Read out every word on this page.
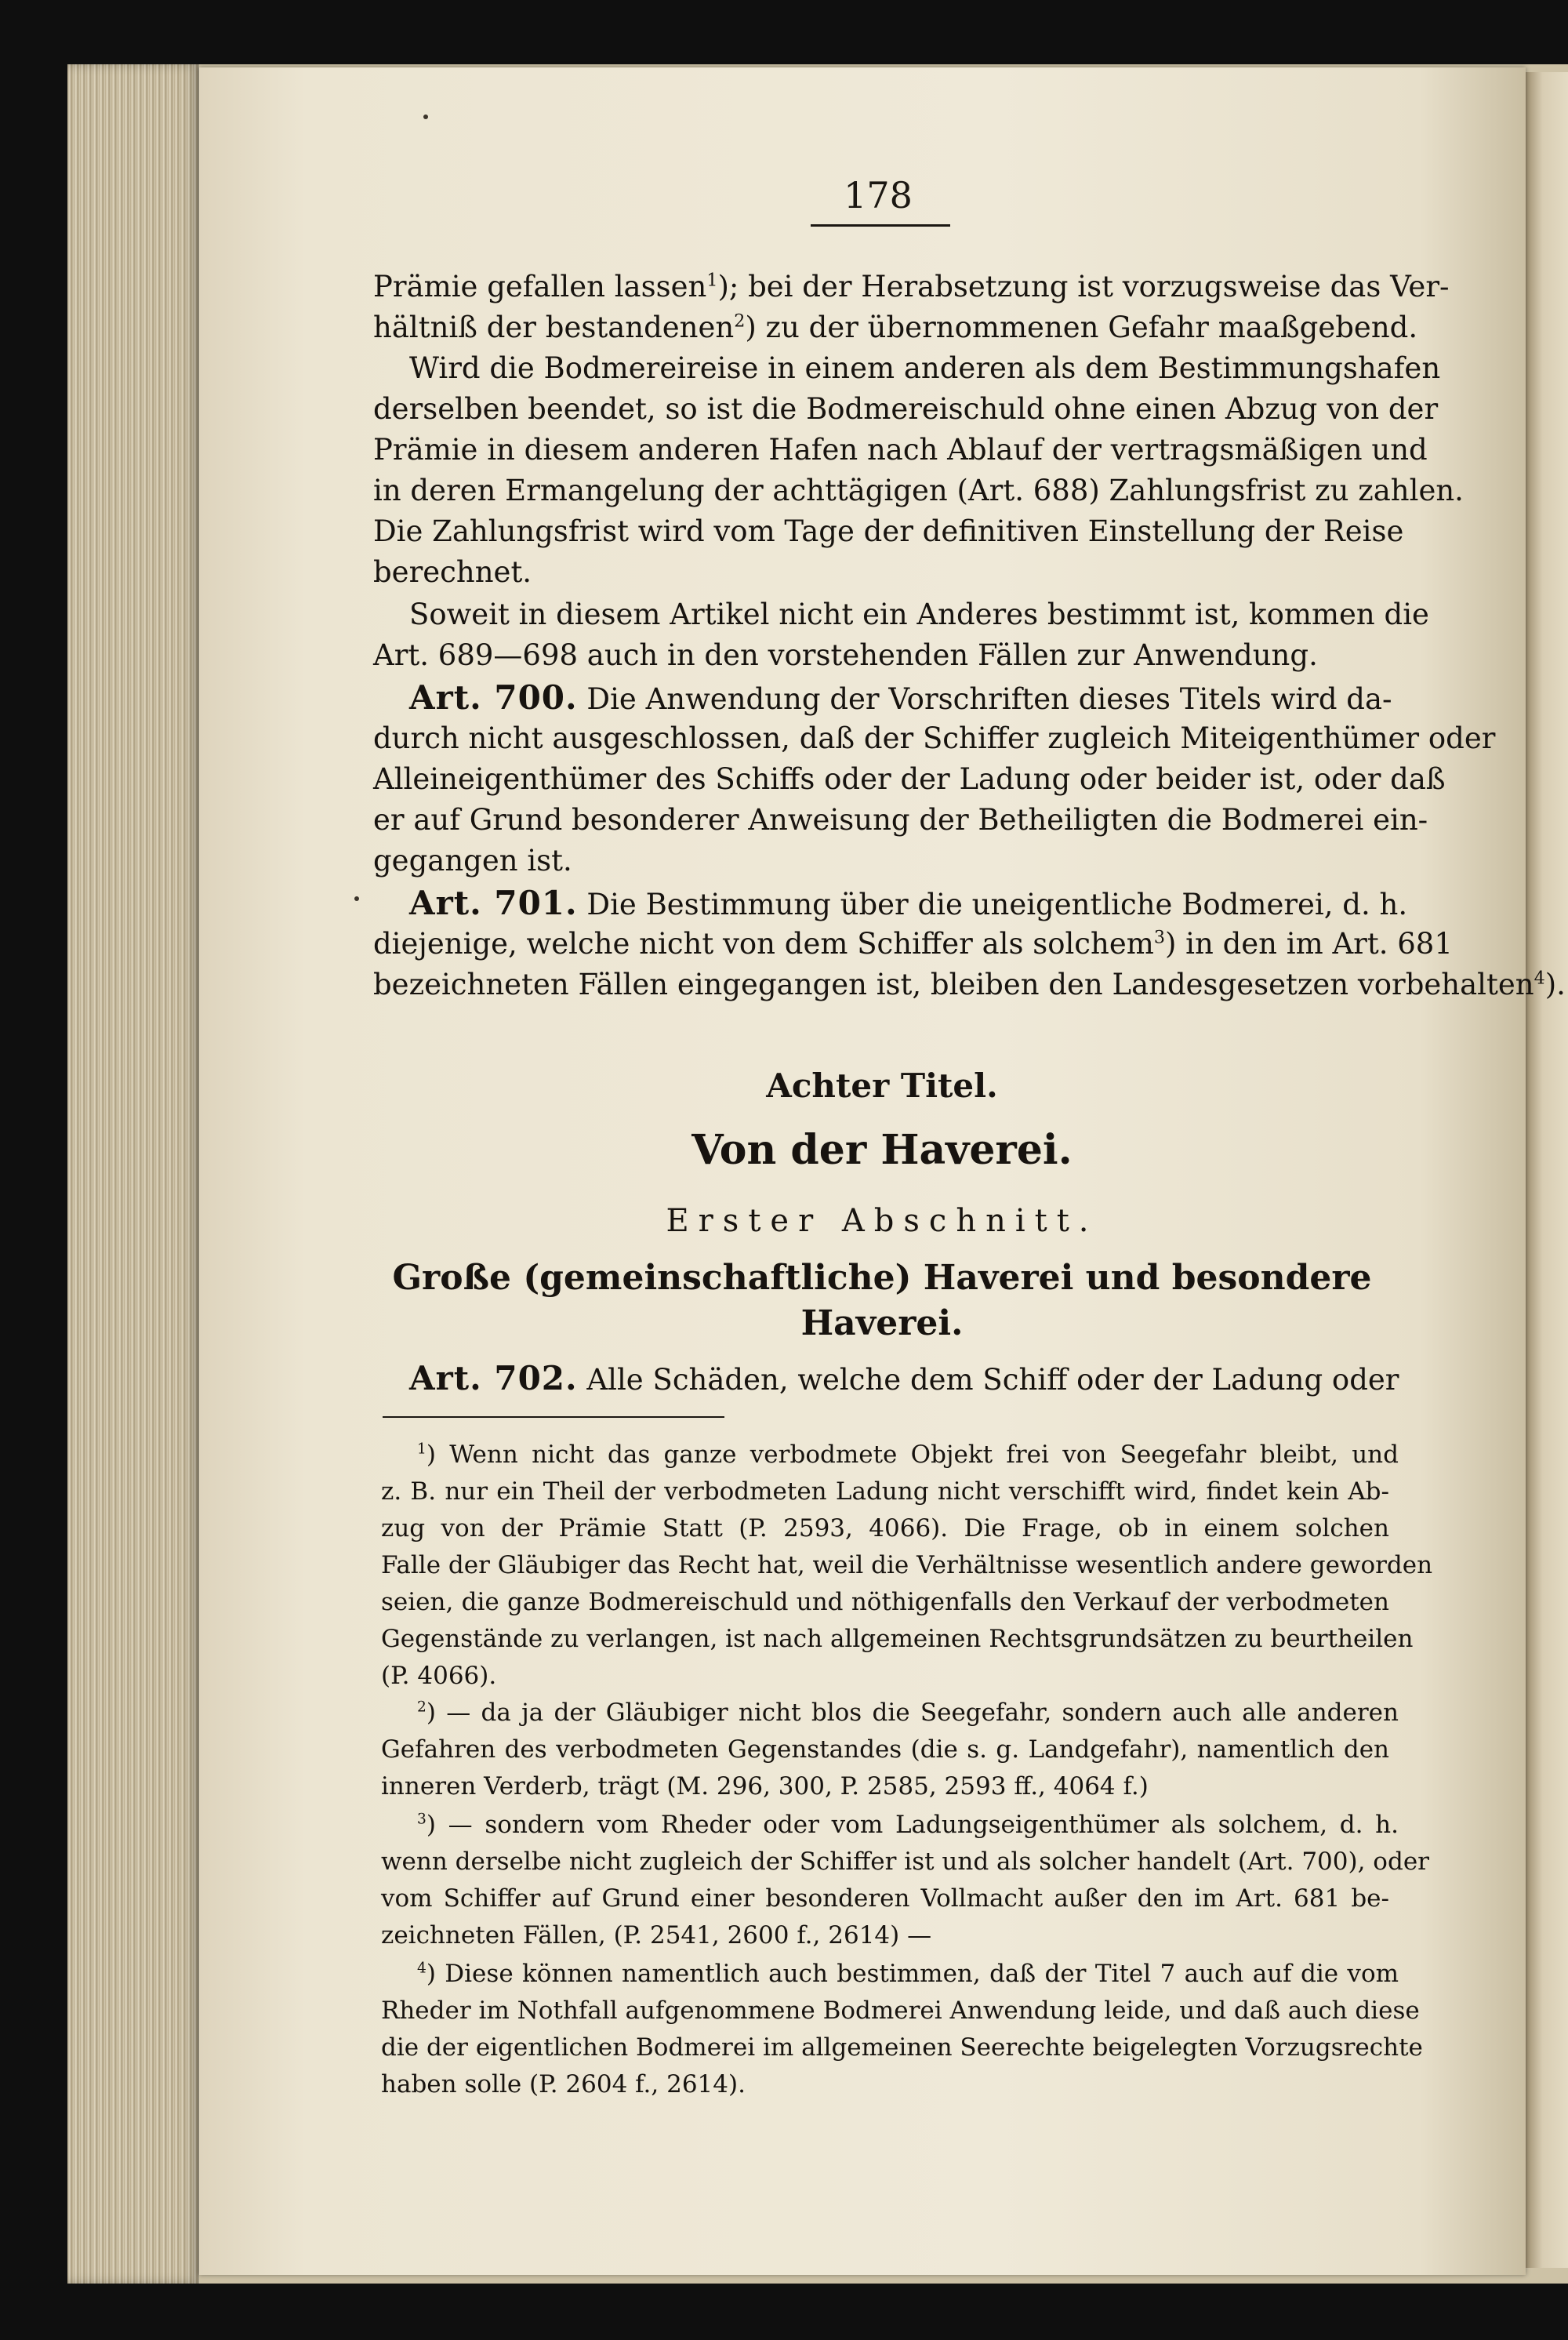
178
Prämie gefallen lassen$^1$); bei der Herabsetzung ist vorzugsweise das Ver-
hältniß der bestandenen$^2$) zu der übernommenen Gefahr maaßgebend.
Wird die Bodmereireise in einem anderen als dem Bestimmungshafen
derselben beendet, so ist die Bodmereischuld ohne einen Abzug von der
Prämie in diesem anderen Hafen nach Ablauf der vertragsmäßigen und
in deren Ermangelung der achttägigen (Art. 688) Zahlungsfrist zu zahlen.
Die Zahlungsfrist wird vom Tage der definitiven Einstellung der Reise
berechnet.
Soweit in diesem Artikel nicht ein Anderes bestimmt ist, kommen die
Art. 689—698 auch in den vorstehenden Fällen zur Anwendung.
Art. 700. Die Anwendung der Vorschriften dieses Titels wird da-
durch nicht ausgeschlossen, daß der Schiffer zugleich Miteigenthümer oder
Alleineigenthümer des Schiffs oder der Ladung oder beider ist, oder daß
er auf Grund besonderer Anweisung der Betheiligten die Bodmerei ein-
gegangen ist.
Art. 701. Die Bestimmung über die uneigentliche Bodmerei, d. h.
diejenige, welche nicht von dem Schiffer als solchem$^3$) in den im Art. 681
bezeichneten Fällen eingegangen ist, bleiben den Landesgesetzen vorbehalten$^4$).
Achter Titel.
Von der Haverei.
Erster Abschnitt.
Große (gemeinschaftliche) Haverei und besondere
Haverei.
Art. 702. Alle Schäden, welche dem Schiff oder der Ladung oder
$^1$) Wenn nicht das ganze verbodmete Objekt frei von Seegefahr bleibt, und
z. B. nur ein Theil der verbodmeten Ladung nicht verschifft wird, findet kein Ab-
zug von der Prämie Statt (P. 2593, 4066). Die Frage, ob in einem solchen
Falle der Gläubiger das Recht hat, weil die Verhältnisse wesentlich andere geworden
seien, die ganze Bodmereischuld und nöthigenfalls den Verkauf der verbodmeten
Gegenstände zu verlangen, ist nach allgemeinen Rechtsgrundsätzen zu beurtheilen
(P. 4066).
$^2$) — da ja der Gläubiger nicht blos die Seegefahr, sondern auch alle anderen
Gefahren des verbodmeten Gegenstandes (die s. g. Landgefahr), namentlich den
inneren Verderb, trägt (M. 296, 300, P. 2585, 2593 ff., 4064 f.)
$^3$) — sondern vom Rheder oder vom Ladungseigenthümer als solchem, d. h.
wenn derselbe nicht zugleich der Schiffer ist und als solcher handelt (Art. 700), oder
vom Schiffer auf Grund einer besonderen Vollmacht außer den im Art. 681 be-
zeichneten Fällen, (P. 2541, 2600 f., 2614) —
$^4$) Diese können namentlich auch bestimmen, daß der Titel 7 auch auf die vom
Rheder im Nothfall aufgenommene Bodmerei Anwendung leide, und daß auch diese
die der eigentlichen Bodmerei im allgemeinen Seerechte beigelegten Vorzugsrechte
haben solle (P. 2604 f., 2614).
